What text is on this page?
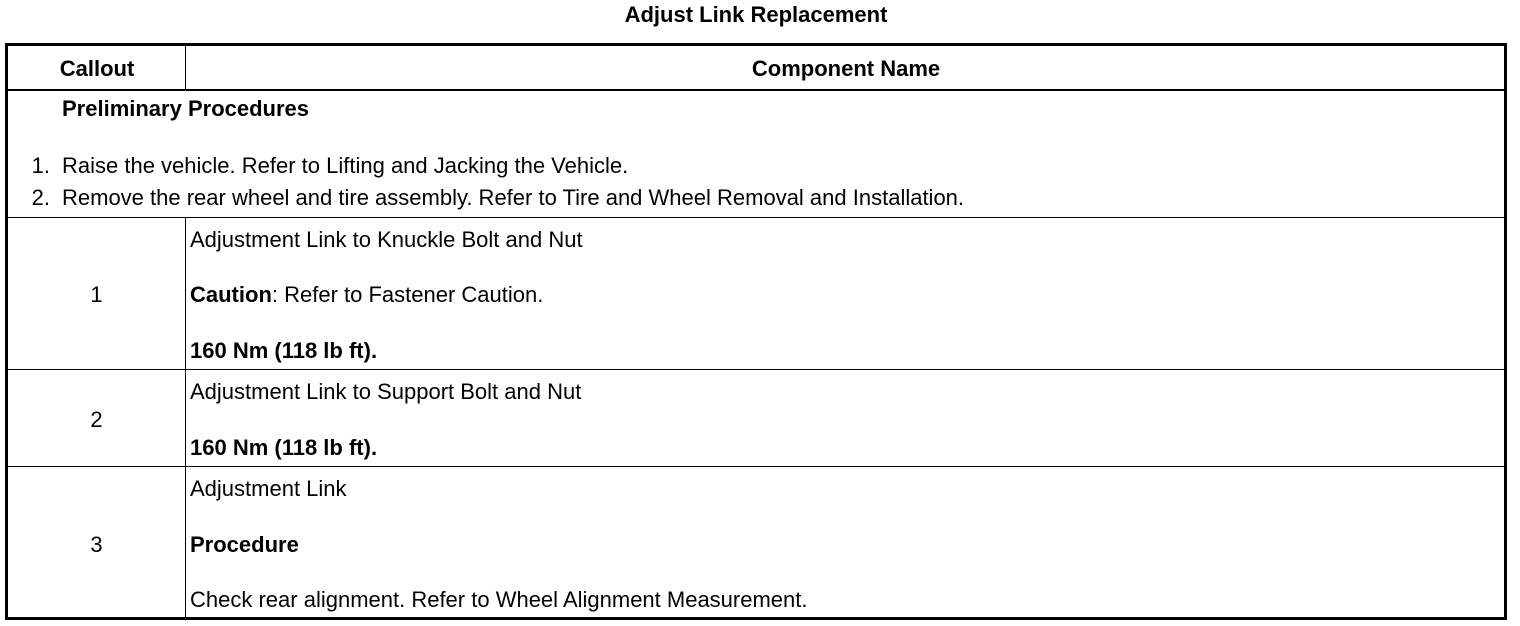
Adjust Link Replacement
Callout	Component Name
Preliminary Procedures
1. Raise the vehicle. Refer to Lifting and Jacking the Vehicle.
2. Remove the rear wheel and tire assembly. Refer to Tire and Wheel Removal and Installation.
1
Adjustment Link to Knuckle Bolt and Nut
Caution: Refer to Fastener Caution.
160 Nm (118 lb ft).
2
Adjustment Link to Support Bolt and Nut
160 Nm (118 lb ft).
3
Adjustment Link
Procedure
Check rear alignment. Refer to Wheel Alignment Measurement.
